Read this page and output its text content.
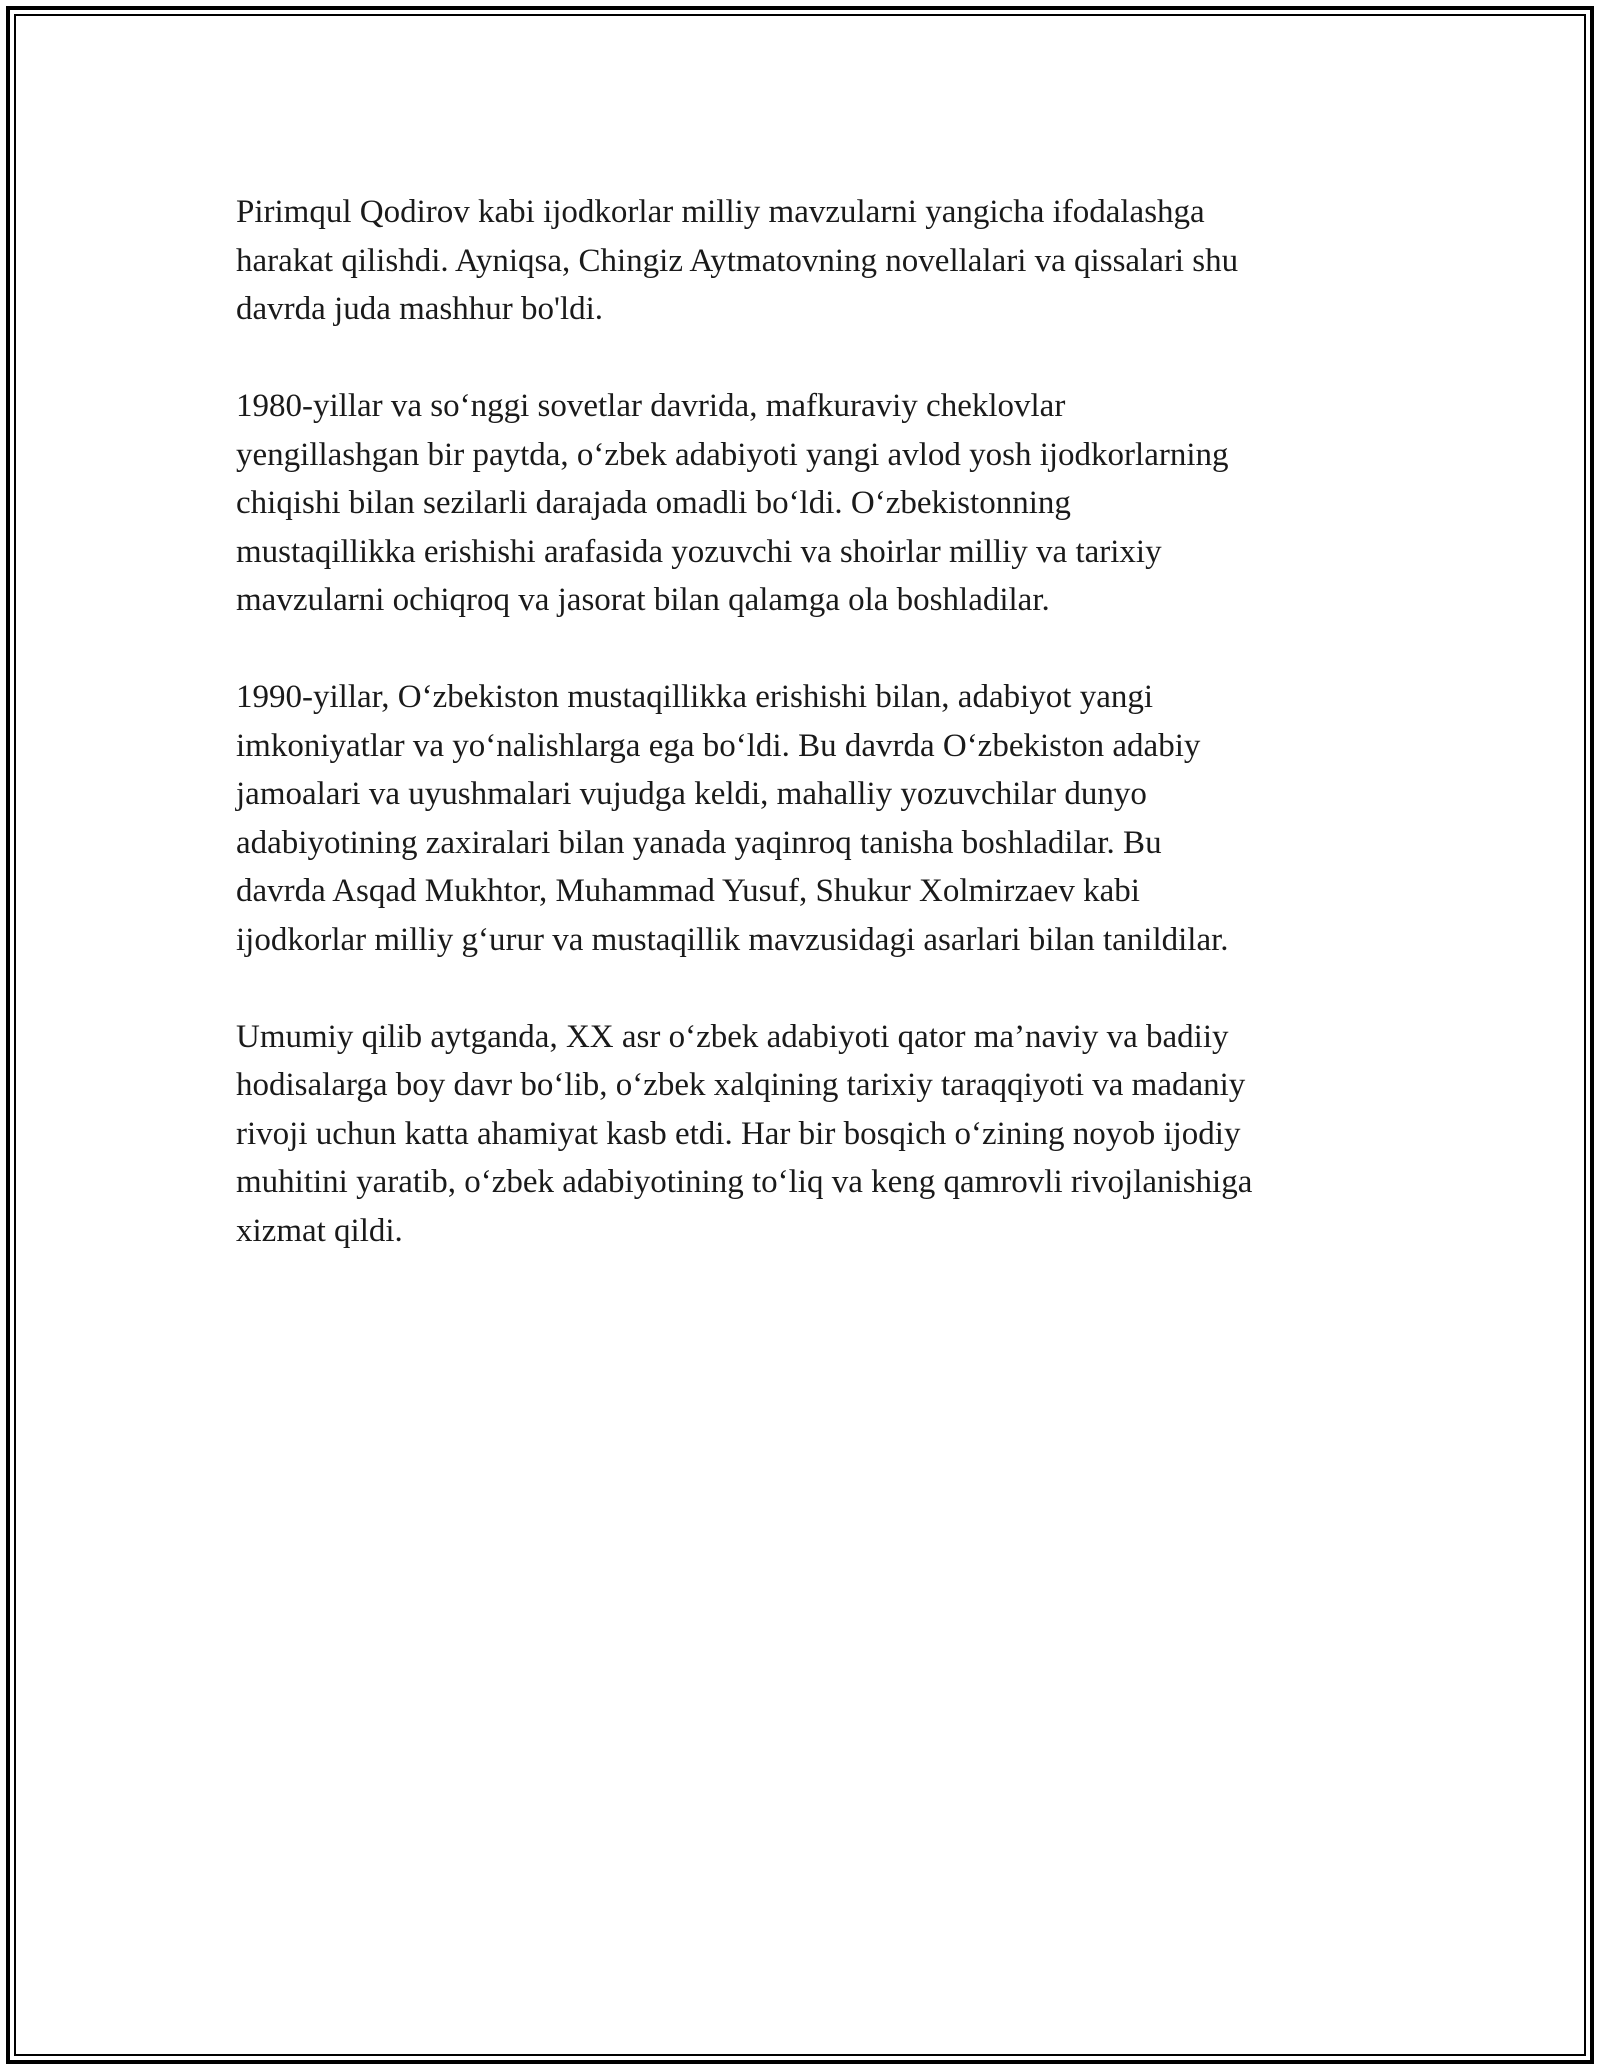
Pirimqul Qodirov kabi ijodkorlar milliy mavzularni yangicha ifodalashga
harakat qilishdi. Ayniqsa, Chingiz Aytmatovning novellalari va qissalari shu
davrda juda mashhur bo'ldi.

1980-yillar va so‘nggi sovetlar davrida, mafkuraviy cheklovlar
yengillashgan bir paytda, o‘zbek adabiyoti yangi avlod yosh ijodkorlarning
chiqishi bilan sezilarli darajada omadli bo‘ldi. O‘zbekistonning
mustaqillikka erishishi arafasida yozuvchi va shoirlar milliy va tarixiy
mavzularni ochiqroq va jasorat bilan qalamga ola boshladilar.

1990-yillar, O‘zbekiston mustaqillikka erishishi bilan, adabiyot yangi
imkoniyatlar va yo‘nalishlarga ega bo‘ldi. Bu davrda O‘zbekiston adabiy
jamoalari va uyushmalari vujudga keldi, mahalliy yozuvchilar dunyo
adabiyotining zaxiralari bilan yanada yaqinroq tanisha boshladilar. Bu
davrda Asqad Mukhtor, Muhammad Yusuf, Shukur Xolmirzaev kabi
ijodkorlar milliy g‘urur va mustaqillik mavzusidagi asarlari bilan tanildilar.

Umumiy qilib aytganda, XX asr o‘zbek adabiyoti qator ma’naviy va badiiy
hodisalarga boy davr bo‘lib, o‘zbek xalqining tarixiy taraqqiyoti va madaniy
rivoji uchun katta ahamiyat kasb etdi. Har bir bosqich o‘zining noyob ijodiy
muhitini yaratib, o‘zbek adabiyotining to‘liq va keng qamrovli rivojlanishiga
xizmat qildi.
